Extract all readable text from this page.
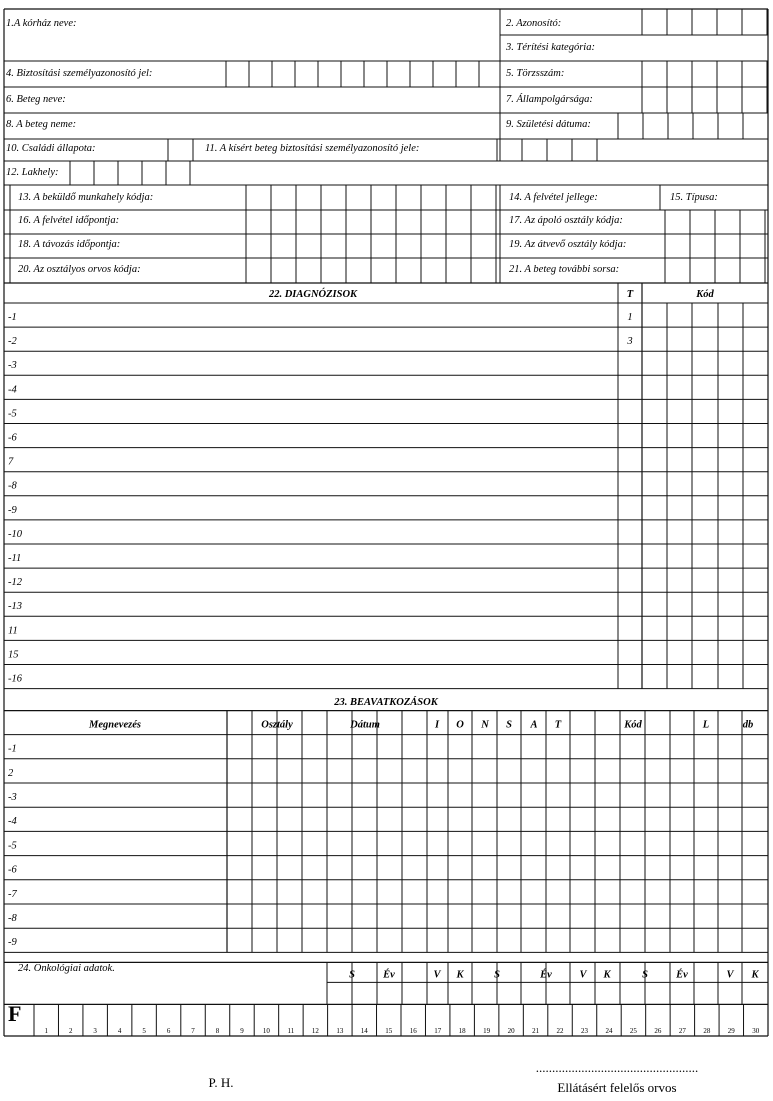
1.A kórház neve:	2. Azonosító:
3. Térítési kategória:
4. Biztosítási személyazonosító jel:	5. Törzsszám:
6. Beteg neve:	7. Állampolgársága:
8. A beteg neme:	9. Születési dátuma:
10. Családi állapota:	11. A kísért beteg biztosítási személyazonosító jele:
12. Lakhely:
13. A beküldő munkahely kódja:	14. A felvétel jellege:	15. Típusa:
16. A felvétel időpontja:	17. Az ápoló osztály kódja:
18. A távozás időpontja:	19. Az átvevő osztály kódja:
20. Az osztályos orvos kódja:	21. A beteg további sorsa:
22. DIAGNÓZISOK	T	Kód
-1	1
-2	3
-3
-4
-5
-6
7
-8
-9
-10
-11
-12
-13
11
15
-16
23. BEAVATKOZÁSOK
Megnevezés	Osztály	Dátum	I O N S A T	Kód	L	db
-1
2
-3
-4
-5
-6
-7
-8
-9
24. Onkológiai adatok.
S	Év	V K	S	Év	V K	S	Év	V K
F
1	2	3	4	5	6	7	8	9	10	11	12 13 14 15 16 17 18 19 20 21 22 23 24 25 26 27 28 29 30
P. H.
..................................................
Ellátásért felelős orvos
